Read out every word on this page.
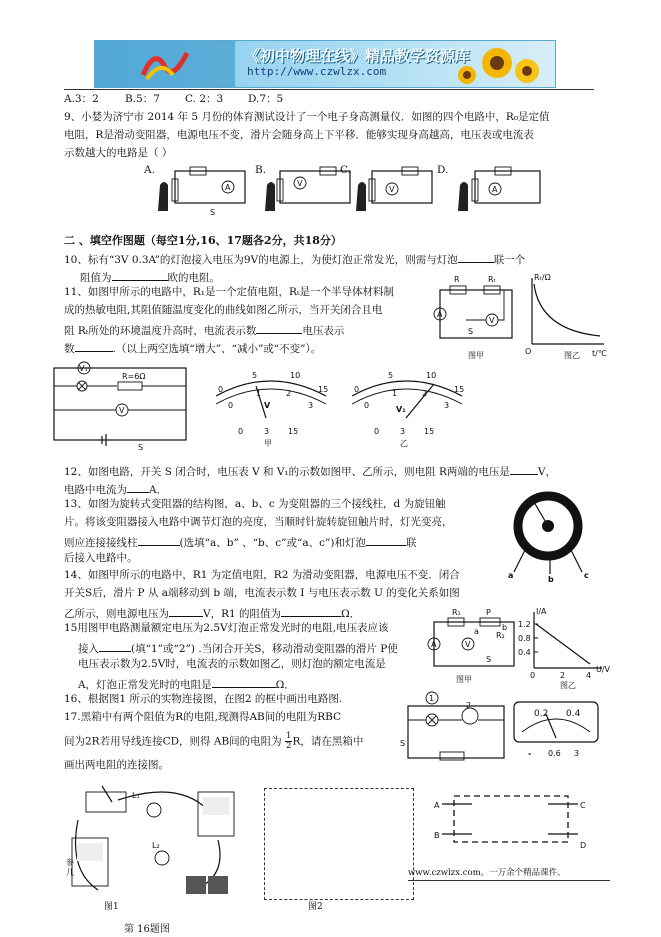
《初中物理在线》精品教学资源库
http://www.czwlzx.com
A.3：2 B.5：7 C. 2：3 D.7：5
9、小婪为济宁市 2014 年 5 月份的体育测试设计了一个电子身高测量仪．如图的四个电路中，R₀是定值
电阻，R是滑动变阻器，电源电压不变，滑片会随身高上下平移．能够实现身高越高，电压表或电流表
示数越大的电路是（ ）
A.	B.	C.	D.
A
S
V
V	A
二 、填空作图题（每空1分,16、17题各2分，共18分）
10、标有“3V 0.3A”的灯泡接入电压为9V的电源上，为使灯泡正常发光，则需与灯泡	联一个
阻值为	欧的电阻。
11、如图甲所示的电路中，R₁是一个定值电阻，Rₜ是一个半导体材料制
成的热敏电阻,其阻值随温度变化的曲线如图乙所示，当开关闭合且电
阻 Rₜ所处的环境温度升高时，电流表示数	电压表示
数	.（以上两空选填“增大”、“减小”或“不变”）。
R	Rₜ
A
V
S
图甲
Rₜ/Ω
t/℃
O	图乙
V₁
R=6Ω
V
S
0
5	10
15
0
1	2
3
V
0	3 15
甲
0
5	10
15
0
1	2
3
V₁
0	3 15
乙
12、如图电路，开关 S 闭合时，电压表 V 和 V₁的示数如图甲、乙所示，则电阻 R两端的电压是	V，
电路中电流为 A．
13、如图为旋转式变阻器的结构图，a、b、c 为变阻器的三个接线柱，d 为旋钮触
片。将该变阻器接入电路中调节灯泡的亮度，当顺时针旋转旋钮触片时，灯光变亮，
则应连接接线柱	(选填“a、b” 、“b、c”或“a、c”)和灯泡	联
后接入电路中。
d
a	b	c
14、如图甲所示的电路中，R1 为定值电阻，R2 为滑动变阻器，电源电压不变．闭合
开关S后，滑片 P 从 a端移动到 b 端，电流表示数 I 与电压表示数 U 的变化关系如图
乙所示，则电源电压为	V，R1 的阻值为	Ω．
15用图甲电路测量额定电压为2.5V灯泡正常发光时的电阻,电压表应该
接入	(填“1”或“2”) .当闭合开关S，移动滑动变阻器的滑片 P使
电压表示数为2.5V时，电流表的示数如图乙，则灯泡的额定电流是
A，灯泡正常发光时的电阻是	Ω．
R₁	P
R₂
a	b
A	V
S
图甲
I/A
1.2
0.8
0.4
0	2	4
U/V
图乙
16、根据图1 所示的实物连接图，在图2 的框中画出电路图.
17.黑箱中有两个阻值为R的电阻,现测得AB间的电阻为RBC
间为2R若用导线连接CD，则得 AB间的电阻为 $\frac{1}{2}$ R，请在黑箱中
画出两电阻的连接图。
1
2
S
0.2 0.4
- 0.6 3
L₁
L₂
参
几
图1	图2
第 16题图
A
B
C
D
www.czwlzx.com。一万余个精品课件、
